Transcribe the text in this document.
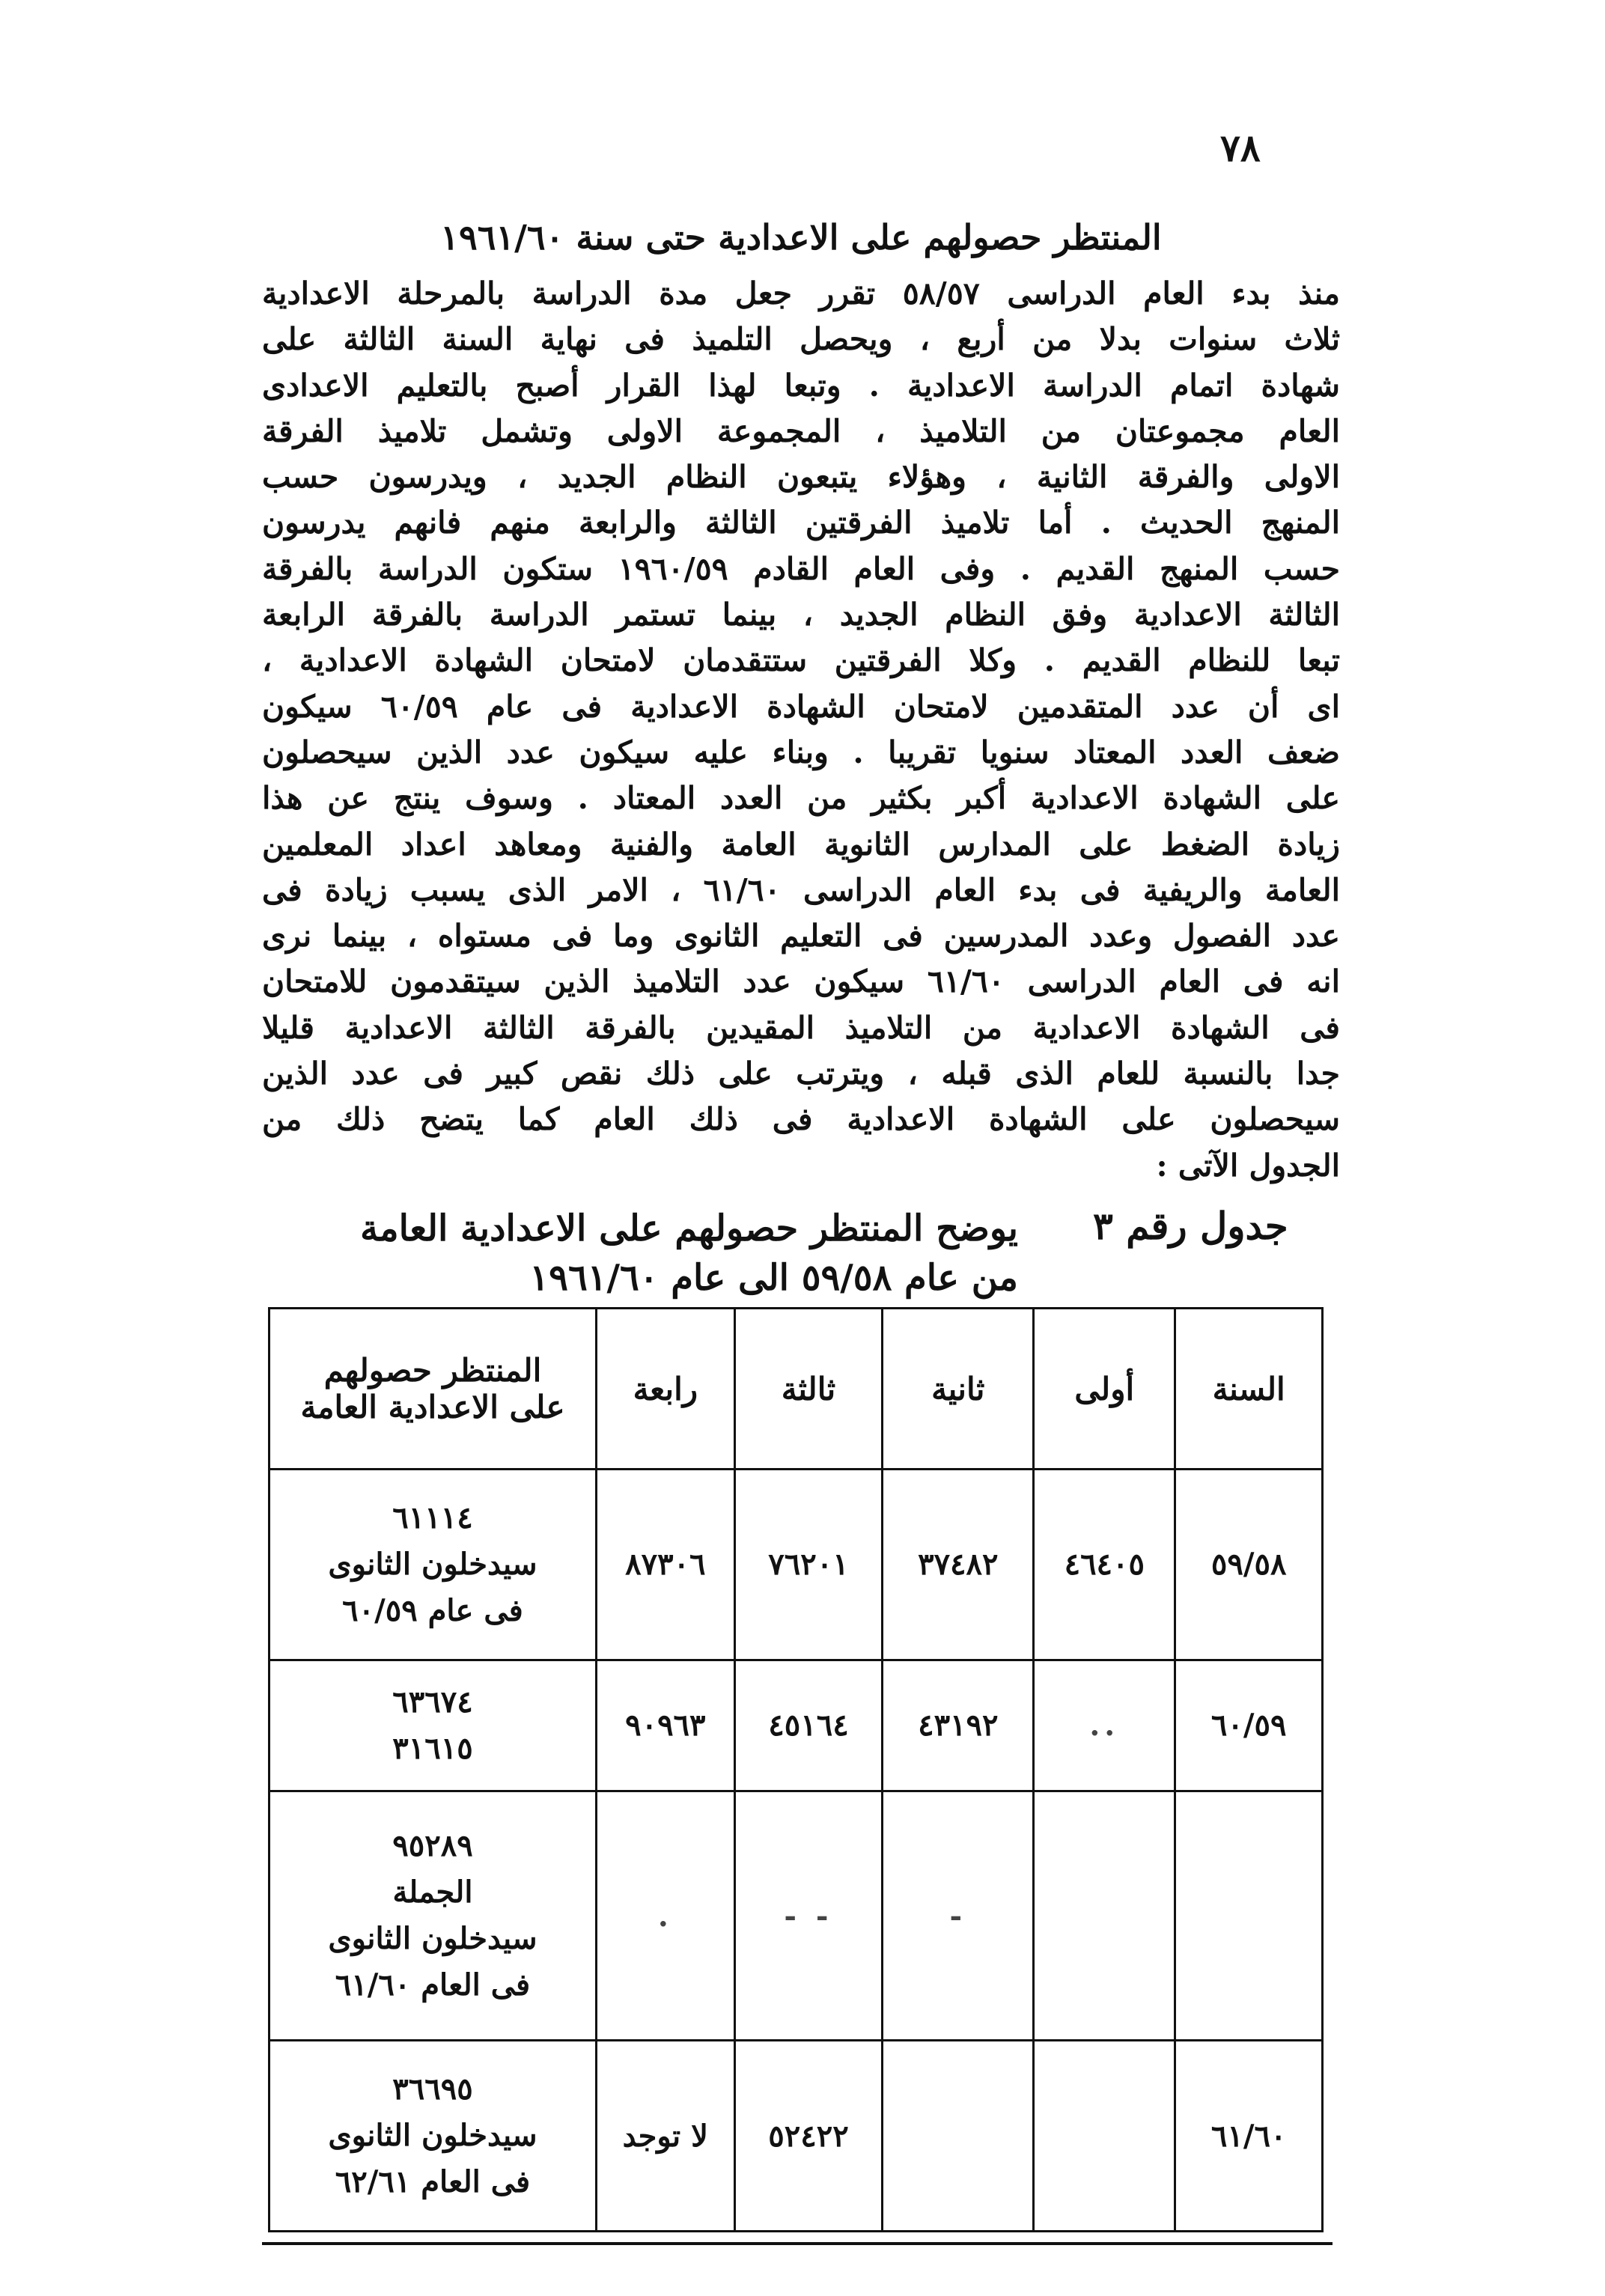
٧٨
المنتظر حصولهم على الاعدادية حتى سنة ١٩٦١/٦٠
منذ بدء العام الدراسى ٥٨/٥٧ تقرر جعل مدة الدراسة بالمرحلة الاعدادية
ثلاث سنوات بدلا من أربع ، ويحصل التلميذ فى نهاية السنة الثالثة على
شهادة اتمام الدراسة الاعدادية . وتبعا لهذا القرار أصبح بالتعليم الاعدادى
العام مجموعتان من التلاميذ ، المجموعة الاولى وتشمل تلاميذ الفرقة
الاولى والفرقة الثانية ، وهؤلاء يتبعون النظام الجديد ، ويدرسون حسب
المنهج الحديث . أما تلاميذ الفرقتين الثالثة والرابعة منهم فانهم يدرسون
حسب المنهج القديم . وفى العام القادم ١٩٦٠/٥٩ ستكون الدراسة بالفرقة
الثالثة الاعدادية وفق النظام الجديد ، بينما تستمر الدراسة بالفرقة الرابعة
تبعا للنظام القديم . وكلا الفرقتين ستتقدمان لامتحان الشهادة الاعدادية ،
اى أن عدد المتقدمين لامتحان الشهادة الاعدادية فى عام ٦٠/٥٩ سيكون
ضعف العدد المعتاد سنويا تقريبا . وبناء عليه سيكون عدد الذين سيحصلون
على الشهادة الاعدادية أكبر بكثير من العدد المعتاد . وسوف ينتج عن هذا
زيادة الضغط على المدارس الثانوية العامة والفنية ومعاهد اعداد المعلمين
العامة والريفية فى بدء العام الدراسى ٦١/٦٠ ، الامر الذى يسبب زيادة فى
عدد الفصول وعدد المدرسين فى التعليم الثانوى وما فى مستواه ، بينما نرى
انه فى العام الدراسى ٦١/٦٠ سيكون عدد التلاميذ الذين سيتقدمون للامتحان
فى الشهادة الاعدادية من التلاميذ المقيدين بالفرقة الثالثة الاعدادية قليلا
جدا بالنسبة للعام الذى قبله ، ويترتب على ذلك نقص كبير فى عدد الذين
سيحصلون على الشهادة الاعدادية فى ذلك العام كما يتضح ذلك من
الجدول الآتى :
جدول رقم ٣
يوضح المنتظر حصولهم على الاعدادية العامة
من عام ٥٩/٥٨ الى عام ١٩٦١/٦٠
السنة	أولى	ثانية	ثالثة	رابعة	المنتظر حصولهم
على الاعدادية العامة

٥٩/٥٨	٤٦٤٠٥	٣٧٤٨٢	٧٦٢٠١	٨٧٣٠٦	٦١١١٤
سيدخلون الثانوى
فى عام ٦٠/٥٩

٦٠/٥٩	..	٤٣١٩٢	٤٥١٦٤	٩٠٩٦٣	٦٣٦٧٤
٣١٦١٥

		-	- -	.	٩٥٢٨٩
الجملة
سيدخلون الثانوى
فى العام ٦١/٦٠

٦١/٦٠			٥٢٤٢٢	لا توجد	٣٦٦٩٥
سيدخلون الثانوى
فى العام ٦٢/٦١
